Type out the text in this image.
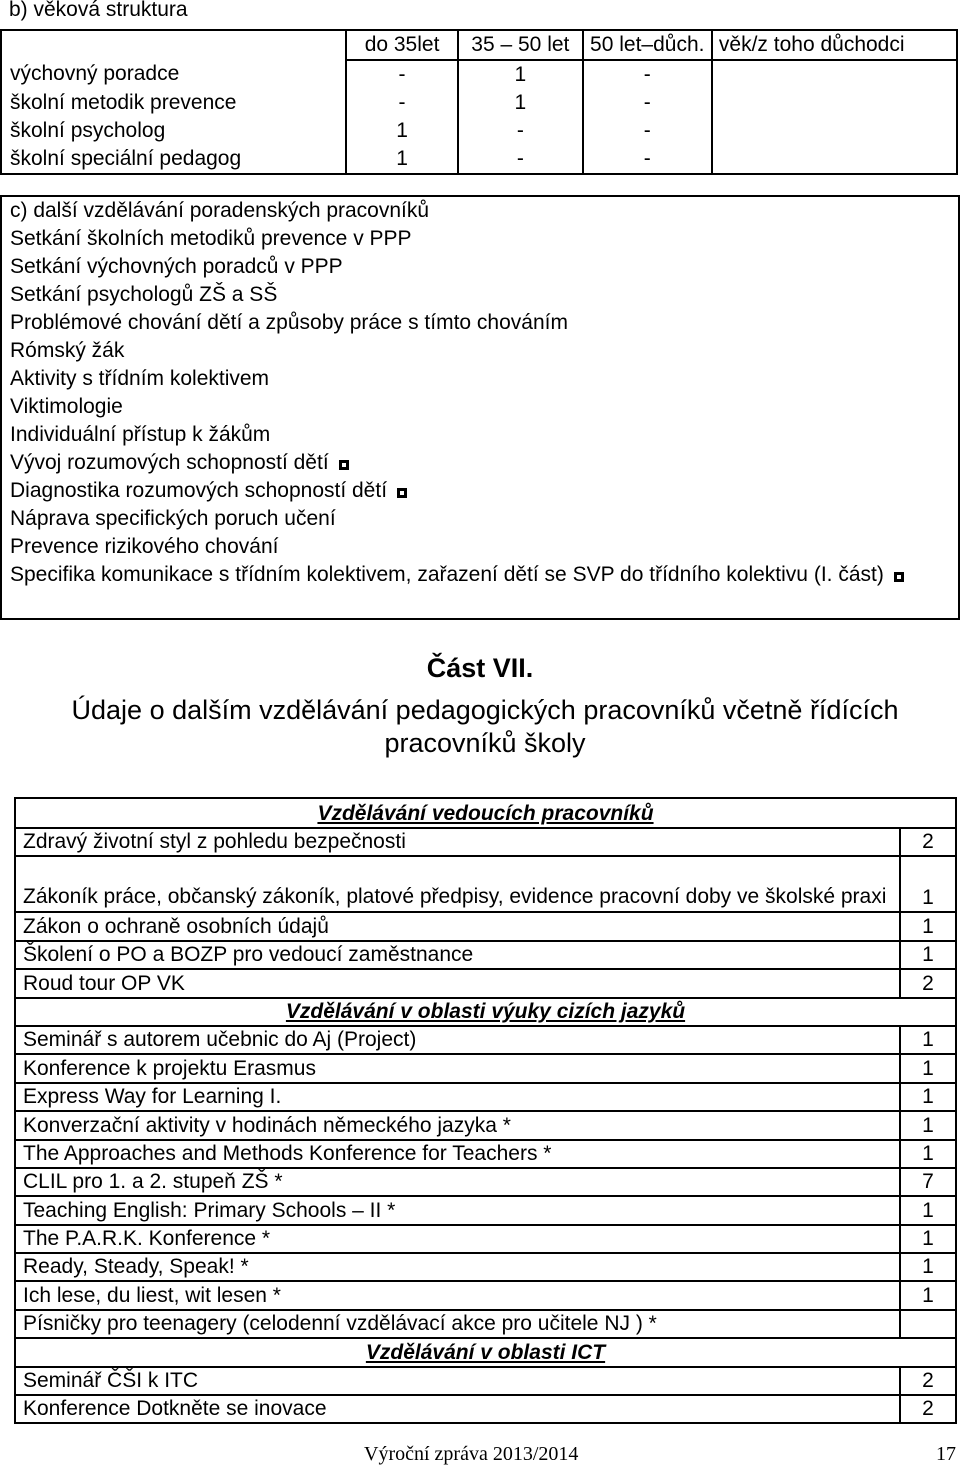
b) věková struktura
	do 35let	35 – 50 let	50 let–důch.	věk/z toho důchodci
výchovný poradce	-	1	-	
školní metodik prevence	-	1	-	
školní psycholog	1	-	-	
školní speciální pedagog	1	-	-	
c) další vzdělávání poradenských pracovníků
Setkání školních metodiků prevence v PPP
Setkání výchovných poradců v PPP
Setkání psychologů ZŠ a SŠ
Problémové chování dětí a způsoby práce s tímto chováním
Rómský žák
Aktivity s třídním kolektivem
Viktimologie
Individuální přístup k žákům
Vývoj rozumových schopností dětí
Diagnostika rozumových schopností dětí
Náprava specifických poruch učení
Prevence rizikového chování
Specifika komunikace s třídním kolektivem, zařazení dětí se SVP do třídního kolektivu (I. část)
Část VII.
Údaje o dalším vzdělávání pedagogických pracovníků včetně řídících pracovníků školy
Vzdělávání vedoucích pracovníků	
Zdravý životní styl z pohledu bezpečnosti	2
Zákoník práce, občanský zákoník, platové předpisy, evidence pracovní doby ve školské praxi	1
Zákon o ochraně osobních údajů	1
Školení o PO a BOZP pro vedoucí zaměstnance	1
Roud tour OP VK	2
Vzdělávání v oblasti výuky cizích jazyků	
Seminář s autorem učebnic do Aj (Project)	1
Konference k projektu Erasmus	1
Express Way for Learning I.	1
Konverzační aktivity v hodinách německého jazyka *	1
The Approaches and Methods Konference for Teachers *	1
CLIL pro 1. a 2. stupeň ZŠ *	7
Teaching English: Primary Schools – II *	1
The P.A.R.K. Konference *	1
Ready, Steady, Speak! *	1
Ich lese, du liest, wit lesen *	1
Písničky pro teenagery (celodenní vzdělávací akce pro učitele NJ ) *	
Vzdělávání v oblasti ICT	
Seminář ČŠI k ITC	2
Konference Dotkněte se inovace	2
Výroční zpráva 2013/2014	17
